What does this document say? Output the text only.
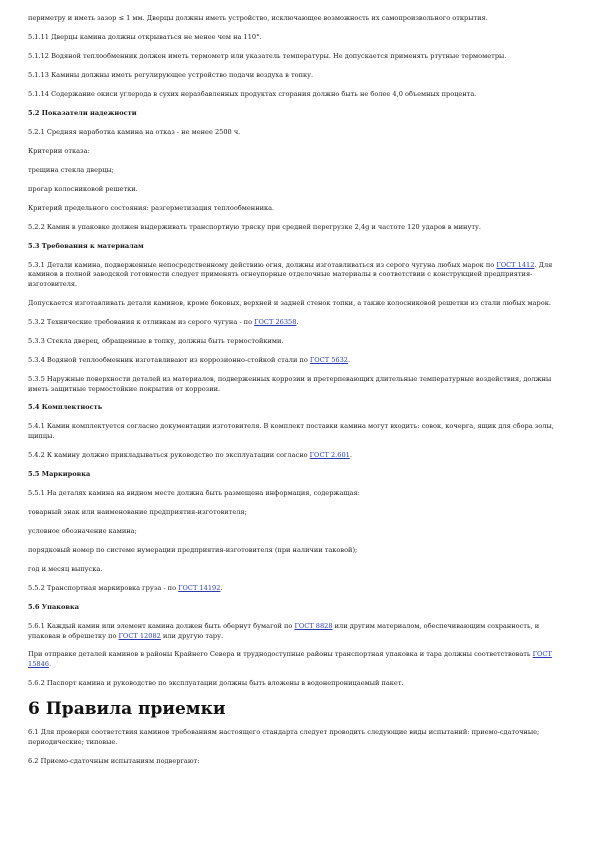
периметру и иметь зазор ≤ 1 мм. Дверцы должны иметь устройство, исключающее возможность их самопроизвольного открытия.

5.1.11 Дверцы камина должны открываться не менее чем на 110°.

5.1.12 Водяной теплообменник должен иметь термометр или указатель температуры. Не допускается применять ртутные термометры.

5.1.13 Камины должны иметь регулирующее устройство подачи воздуха в топку.

5.1.14 Содержание окиси углерода в сухих неразбавленных продуктах сгорания должно быть не более 4,0 объемных процента.

5.2 Показатели надежности

5.2.1 Средняя наработка камина на отказ - не менее 2500 ч.

Критерии отказа:

трещина стекла дверцы;

прогар колосниковой решетки.

Критерий предельного состояния: разгерметизация теплообменника.

5.2.2 Камин в упаковке должен выдерживать транспортную тряску при средней перегрузке 2,4g и частоте 120 ударов в минуту.

5.3 Требования к материалам

5.3.1 Детали камина, подверженные непосредственному действию огня, должны изготавливаться из серого чугуна любых марок по ГОСТ 1412. Для каминов в полной заводской готовности следует применять огнеупорные отделочные материалы в соответствии с конструкцией предприятия-изготовителя.

Допускается изготавливать детали каминов, кроме боковых, верхней и задней стенок топки, а также колосниковой решетки из стали любых марок.

5.3.2 Технические требования к отливкам из серого чугуна - по ГОСТ 26358.

5.3.3 Стекла дверец, обращенные в топку, должны быть термостойкими.

5.3.4 Водяной теплообменник изготавливают из коррозионно-стойкой стали по ГОСТ 5632.

5.3.5 Наружные поверхности деталей из материалов, подверженных коррозии и претерпевающих длительные температурные воздействия, должны иметь защитные термостойкие покрытия от коррозии.

5.4 Комплектность

5.4.1 Камин комплектуется согласно документации изготовителя. В комплект поставки камина могут входить: совок, кочерга, ящик для сбора золы, щипцы.

5.4.2 К камину должно прикладываться руководство по эксплуатации согласно ГОСТ 2.601.

5.5 Маркировка

5.5.1 На деталях камина на видном месте должна быть размещена информация, содержащая:

товарный знак или наименование предприятия-изготовителя;

условное обозначение камина;

порядковый номер по системе нумерации предприятия-изготовителя (при наличии таковой);

год и месяц выпуска.

5.5.2 Транспортная маркировка груза - по ГОСТ 14192.

5.6 Упаковка

5.6.1 Каждый камин или элемент камина должен быть обернут бумагой по ГОСТ 8828 или другим материалом, обеспечивающим сохранность, и упакован в обрешетку по ГОСТ 12082 или другую тару.

При отправке деталей каминов в районы Крайнего Севера и труднодоступные районы транспортная упаковка и тара должны соответствовать ГОСТ 15846.

5.6.2 Паспорт камина и руководство по эксплуатации должны быть вложены в водонепроницаемый пакет.

6 Правила приемки

6.1 Для проверки соответствия каминов требованиям настоящего стандарта следует проводить следующие виды испытаний: приемо-сдаточные; периодические; типовые.

6.2 Приемо-сдаточным испытаниям подвергают:
